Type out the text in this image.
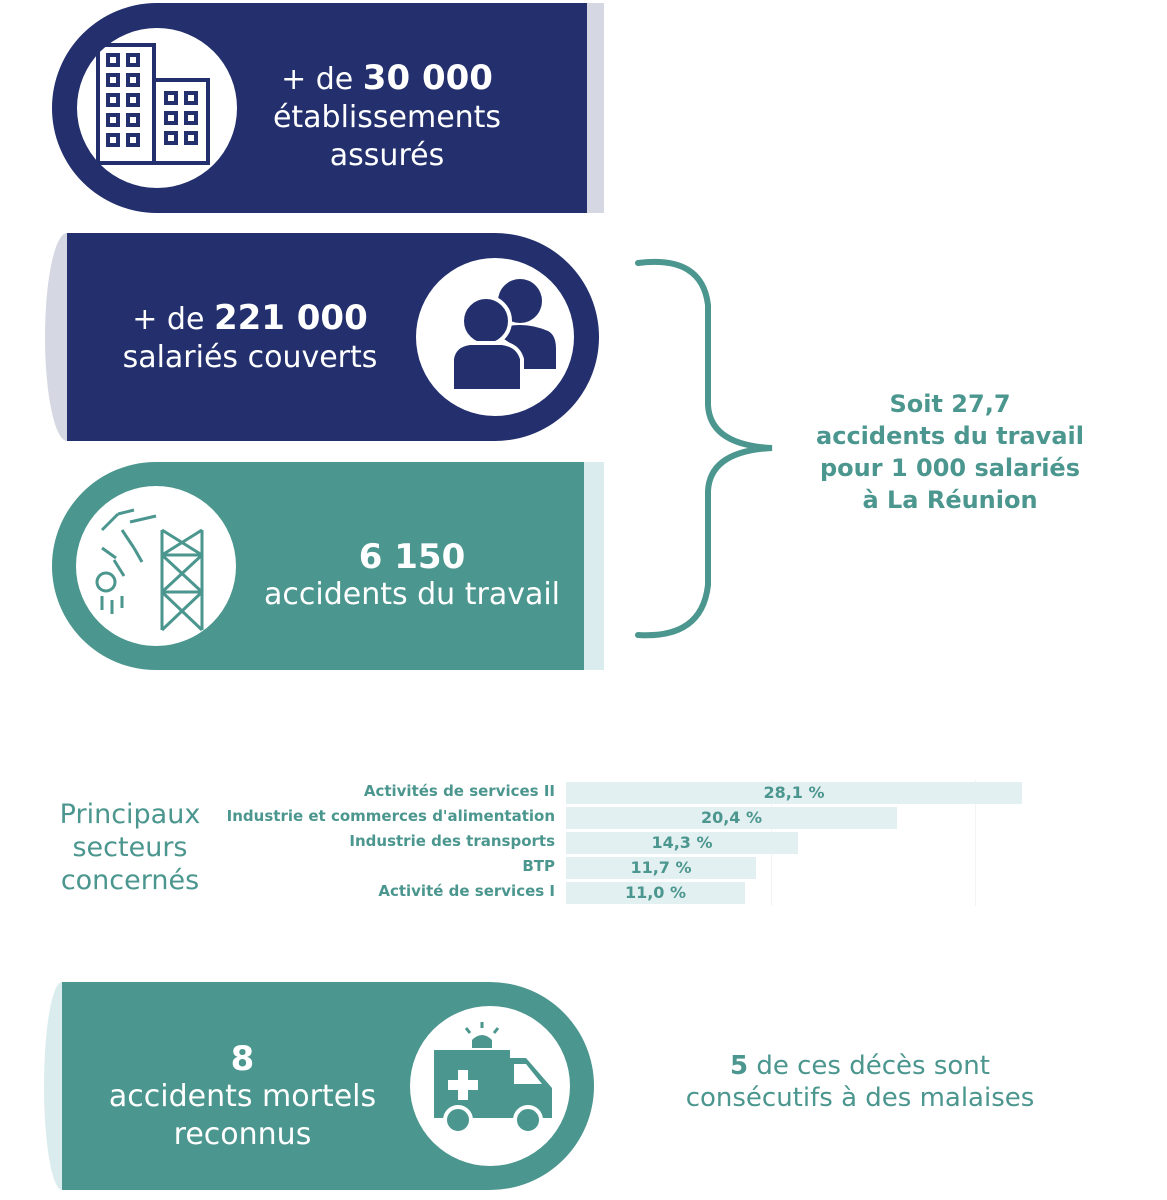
+ de 30 000
établissements
assurés
+ de 221 000
salariés couverts
6 150
accidents du travail
Soit 27,7
accidents du travail
pour 1 000 salariés
à La Réunion
Principaux
secteurs
concernés
Activités de services II	28,1 %
Industrie et commerces d'alimentation	20,4 %
Industrie des transports	14,3 %
BTP	11,7 %
Activité de services I	11,0 %
8
accidents mortels
reconnus
5 de ces décès sont
consécutifs à des malaises
